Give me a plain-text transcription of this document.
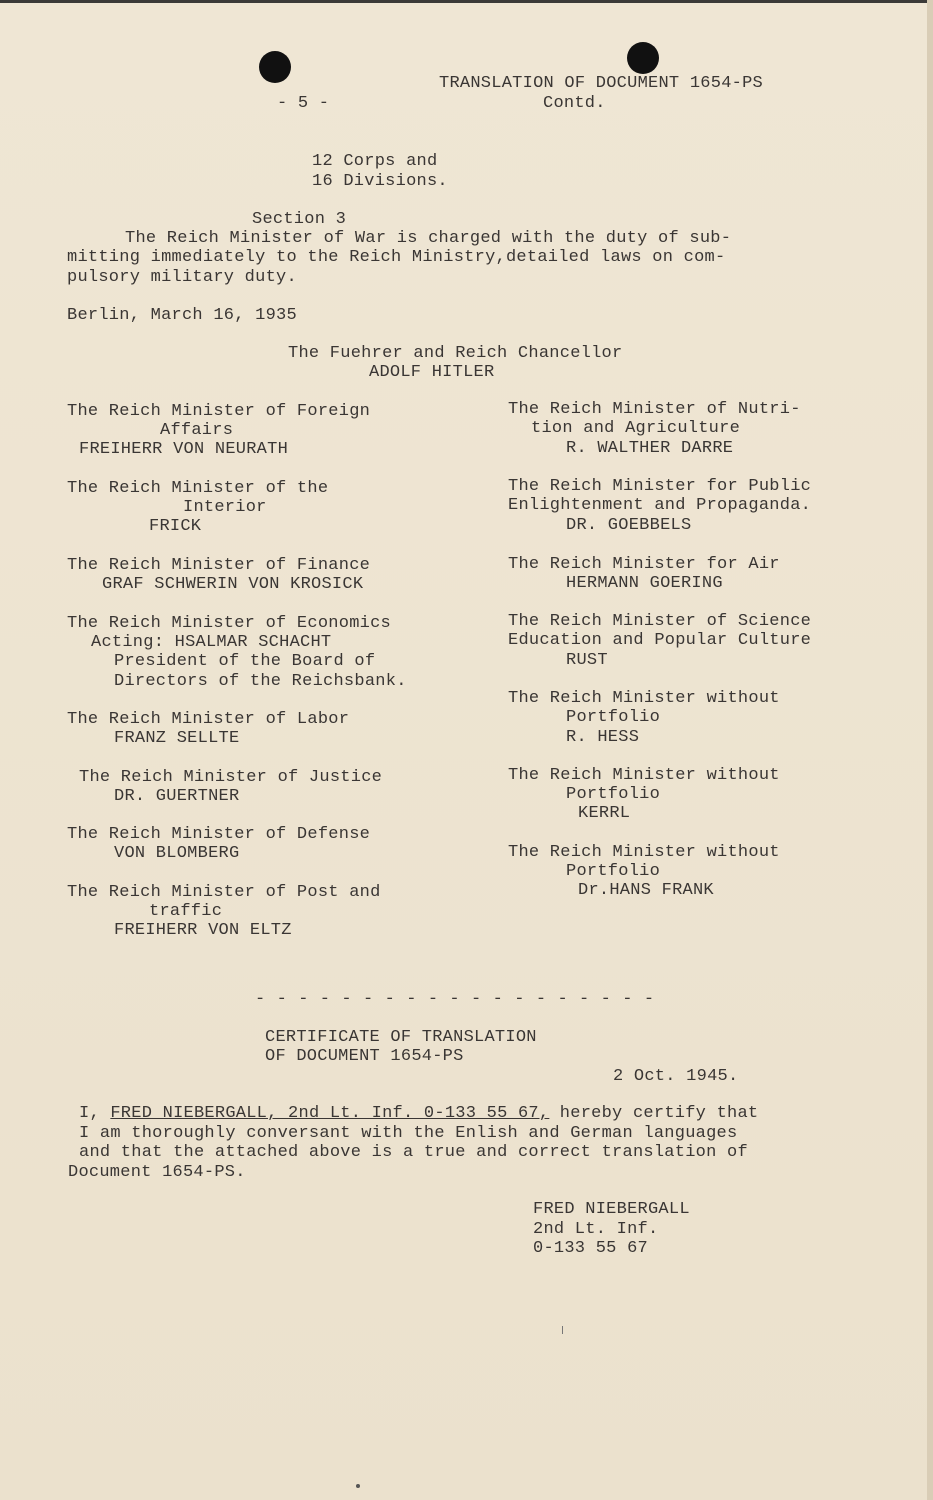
- 5 -
TRANSLATION OF DOCUMENT 1654-PS
Contd.
12 Corps and
16 Divisions.
Section 3
The Reich Minister of War is charged with the duty of sub-
mitting immediately to the Reich Ministry,detailed laws on com-
pulsory military duty.
Berlin, March 16, 1935
The Fuehrer and Reich Chancellor
ADOLF HITLER
The Reich Minister of Foreign
Affairs
FREIHERR VON NEURATH
The Reich Minister of the
Interior
FRICK
The Reich Minister of Finance
GRAF SCHWERIN VON KROSICK
The Reich Minister of Economics
Acting: HSALMAR SCHACHT
President of the Board of
Directors of the Reichsbank.
The Reich Minister of Labor
FRANZ SELLTE
The Reich Minister of Justice
DR. GUERTNER
The Reich Minister of Defense
VON BLOMBERG
The Reich Minister of Post and
traffic
FREIHERR VON ELTZ
The Reich Minister of Nutri-
tion and Agriculture
R. WALTHER DARRE
The Reich Minister for Public
Enlightenment and Propaganda.
DR. GOEBBELS
The Reich Minister for Air
HERMANN GOERING
The Reich Minister of Science
Education and Popular Culture
RUST
The Reich Minister without
Portfolio
R. HESS
The Reich Minister without
Portfolio
KERRL
The Reich Minister without
Portfolio
Dr.HANS FRANK
- - - - - - - - - - - - - - - - - - -
CERTIFICATE OF TRANSLATION
OF DOCUMENT 1654-PS
2 Oct. 1945.
I, FRED NIEBERGALL, 2nd Lt. Inf. 0-133 55 67, hereby certify that
I am thoroughly conversant with the Enlish and German languages
and that the attached above is a true and correct translation of
Document 1654-PS.
FRED NIEBERGALL
2nd Lt. Inf.
0-133 55 67
